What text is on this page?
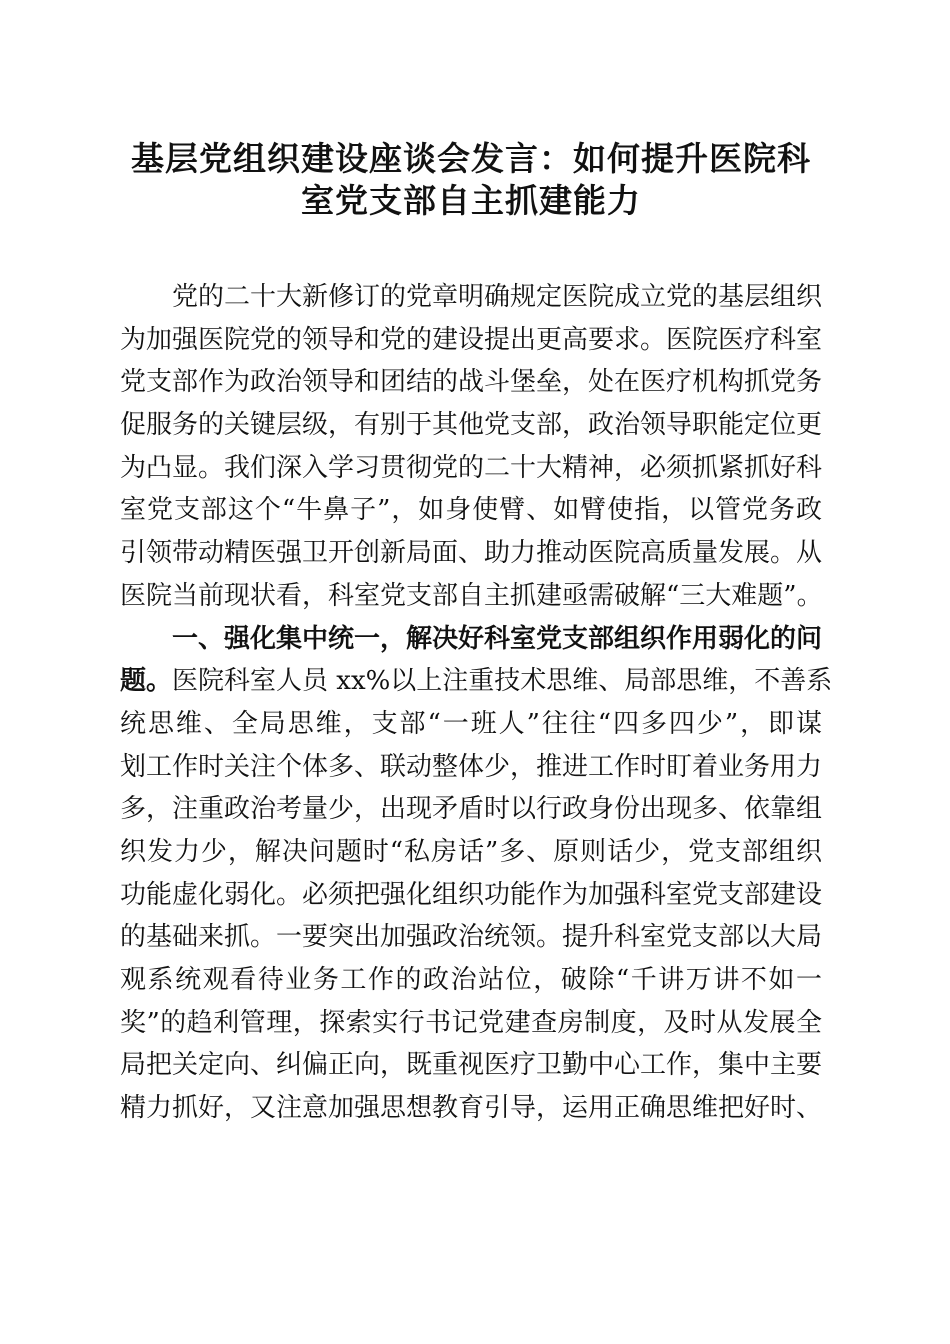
基层党组织建设座谈会发言：如何提升医院科
室党支部自主抓建能力
党的二十大新修订的党章明确规定医院成立党的基层组织
为加强医院党的领导和党的建设提出更高要求。医院医疗科室
党支部作为政治领导和团结的战斗堡垒，处在医疗机构抓党务
促服务的关键层级，有别于其他党支部，政治领导职能定位更
为凸显。我们深入学习贯彻党的二十大精神，必须抓紧抓好科
室党支部这个“牛鼻子”，如身使臂、如臂使指，以管党务政
引领带动精医强卫开创新局面、助力推动医院高质量发展。从
医院当前现状看，科室党支部自主抓建亟需破解“三大难题”。
一、强化集中统一，解决好科室党支部组织作用弱化的问
题。医院科室人员 xx%以上注重技术思维、局部思维，不善系
统思维、全局思维，支部“一班人”往往“四多四少”，即谋
划工作时关注个体多、联动整体少，推进工作时盯着业务用力
多，注重政治考量少，出现矛盾时以行政身份出现多、依靠组
织发力少，解决问题时“私房话”多、原则话少，党支部组织
功能虚化弱化。必须把强化组织功能作为加强科室党支部建设
的基础来抓。一要突出加强政治统领。提升科室党支部以大局
观系统观看待业务工作的政治站位，破除“千讲万讲不如一
奖”的趋利管理，探索实行书记党建查房制度，及时从发展全
局把关定向、纠偏正向，既重视医疗卫勤中心工作，集中主要
精力抓好，又注意加强思想教育引导，运用正确思维把好时、
